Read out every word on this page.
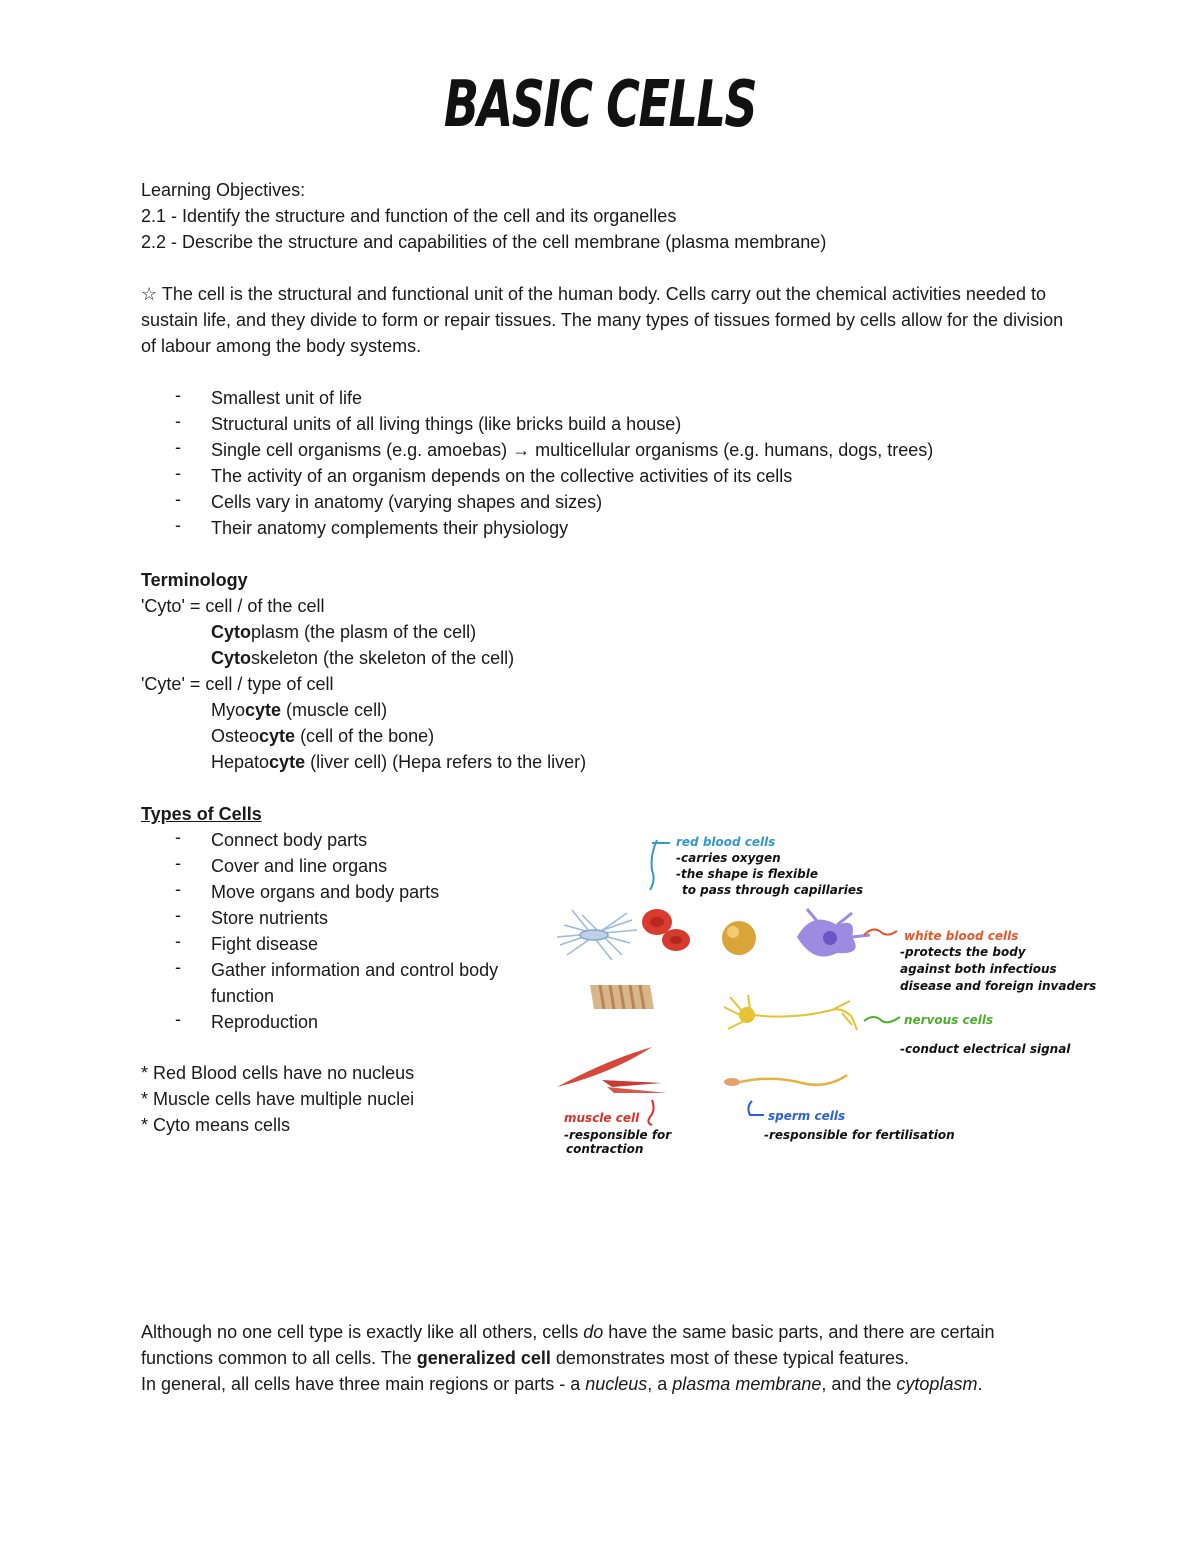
BASIC CELLS
Learning Objectives:
2.1 - Identify the structure and function of the cell and its organelles
2.2 - Describe the structure and capabilities of the cell membrane (plasma membrane)
☆ The cell is the structural and functional unit of the human body. Cells carry out the chemical activities needed to sustain life, and they divide to form or repair tissues. The many types of tissues formed by cells allow for the division of labour among the body systems.
- Smallest unit of life
- Structural units of all living things (like bricks build a house)
- Single cell organisms (e.g. amoebas) → multicellular organisms (e.g. humans, dogs, trees)
- The activity of an organism depends on the collective activities of its cells
- Cells vary in anatomy (varying shapes and sizes)
- Their anatomy complements their physiology
Terminology
'Cyto' = cell / of the cell
Cytoplasm (the plasm of the cell)
Cytoskeleton (the skeleton of the cell)
'Cyte' = cell / type of cell
Myocyte (muscle cell)
Osteocyte (cell of the bone)
Hepatocyte (liver cell) (Hepa refers to the liver)
Types of Cells
- Connect body parts
- Cover and line organs
- Move organs and body parts
- Store nutrients
- Fight disease
- Gather information and control body
function
- Reproduction
* Red Blood cells have no nucleus
* Muscle cells have multiple nuclei
* Cyto means cells
red blood cells
-carries oxygen
-the shape is flexible
to pass through capillaries
white blood cells
-protects the body
against both infectious
disease and foreign invaders
nervous cells
-conduct electrical signal
muscle cell
-responsible for
contraction
sperm cells
-responsible for fertilisation
Although no one cell type is exactly like all others, cells do have the same basic parts, and there are certain functions common to all cells. The generalized cell demonstrates most of these typical features.
In general, all cells have three main regions or parts - a nucleus, a plasma membrane, and the cytoplasm.
